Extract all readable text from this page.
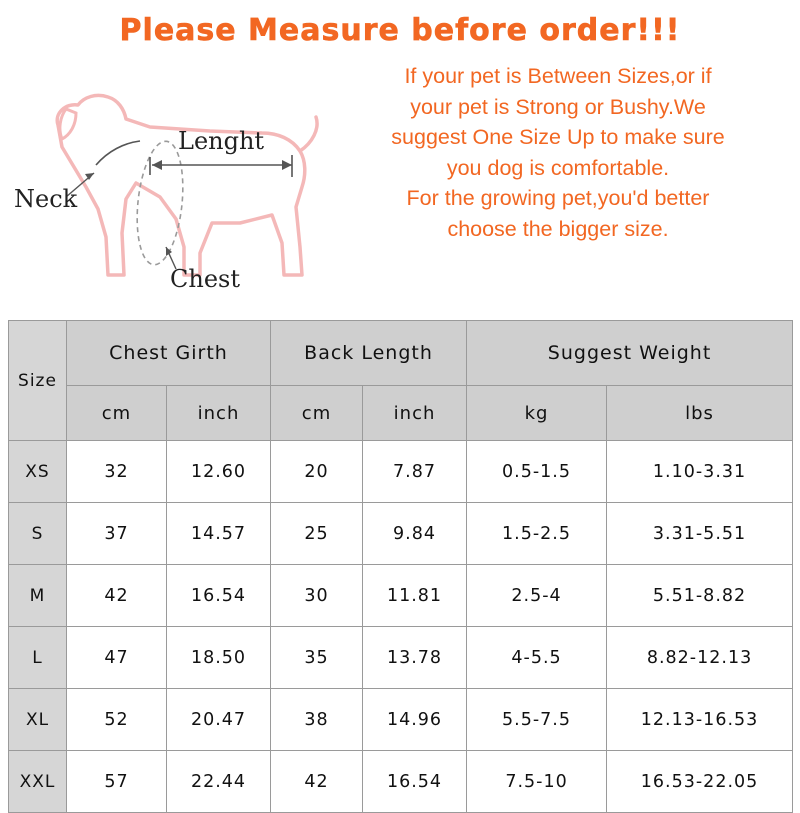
Please Measure before order!!!
Lenght
Neck
Chest
If your pet is Between Sizes,or if
your pet is Strong or Bushy.We
suggest One Size Up to make sure
you dog is comfortable.
For the growing pet,you'd better
choose the bigger size.
Size	Chest Girth		Back Length		Suggest Weight	
	cm	inch	cm	inch	kg	lbs
XS	32	12.60	20	7.87	0.5-1.5	1.10-3.31
S	37	14.57	25	9.84	1.5-2.5	3.31-5.51
M	42	16.54	30	11.81	2.5-4	5.51-8.82
L	47	18.50	35	13.78	4-5.5	8.82-12.13
XL	52	20.47	38	14.96	5.5-7.5	12.13-16.53
XXL	57	22.44	42	16.54	7.5-10	16.53-22.05
